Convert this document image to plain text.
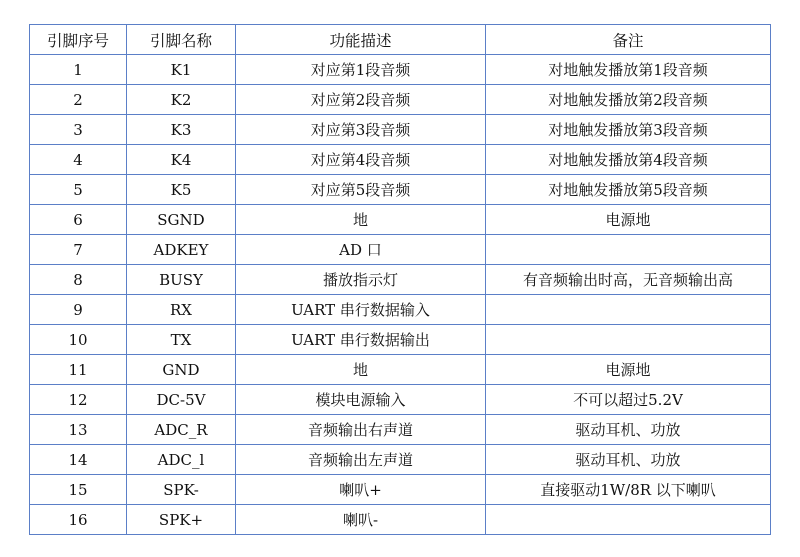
引脚序号	引脚名称	功能描述	备注
1	K1	对应第1段音频	对地触发播放第1段音频
2	K2	对应第2段音频	对地触发播放第2段音频
3	K3	对应第3段音频	对地触发播放第3段音频
4	K4	对应第4段音频	对地触发播放第4段音频
5	K5	对应第5段音频	对地触发播放第5段音频
6	SGND	地	电源地
7	ADKEY	AD 口	
8	BUSY	播放指示灯	有音频输出时高，无音频输出高
9	RX	UART 串行数据输入	
10	TX	UART 串行数据输出	
11	GND	地	电源地
12	DC-5V	模块电源输入	不可以超过5.2V
13	ADC_R	音频输出右声道	驱动耳机、功放
14	ADC_l	音频输出左声道	驱动耳机、功放
15	SPK-	喇叭+	直接驱动1W/8R 以下喇叭
16	SPK+	喇叭-	
